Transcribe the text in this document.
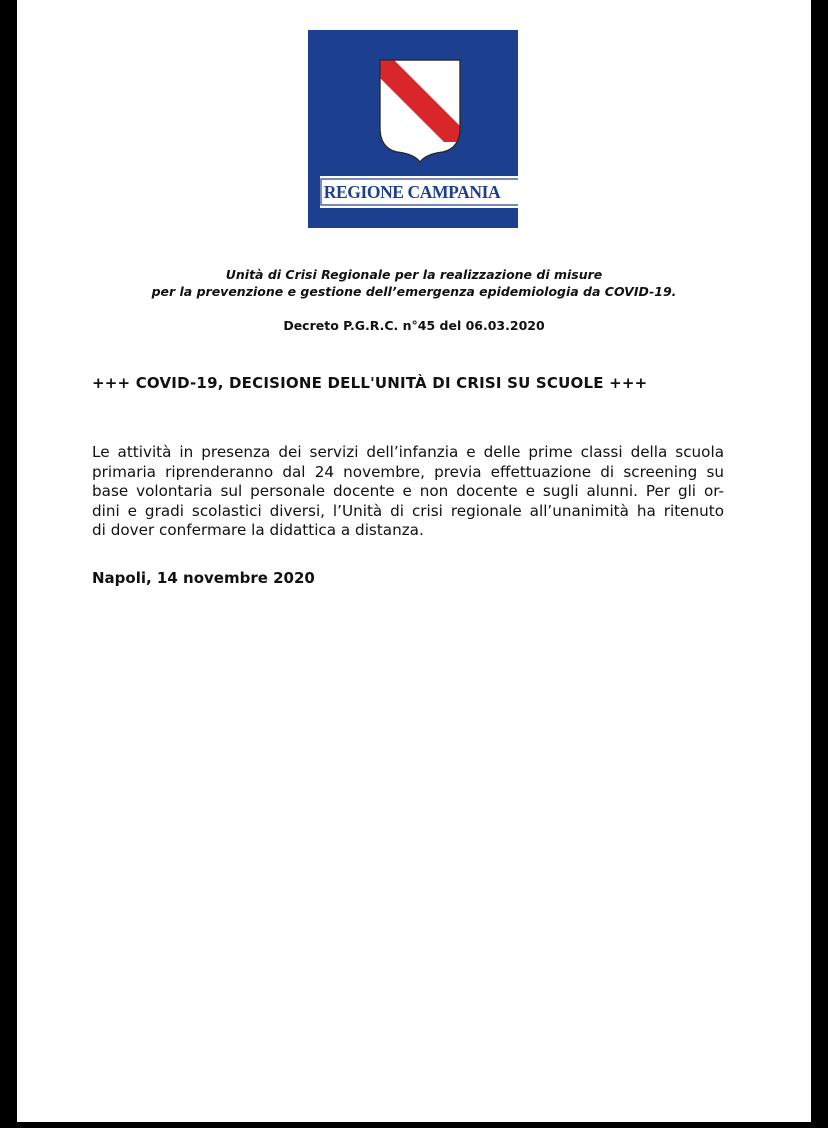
REGIONE CAMPANIA
Unità di Crisi Regionale per la realizzazione di misure
per la prevenzione e gestione dell’emergenza epidemiologia da COVID-19.
Decreto P.G.R.C. n°45 del 06.03.2020
+++ COVID-19, DECISIONE DELL'UNITÀ DI CRISI SU SCUOLE +++
Le attività in presenza dei servizi dell’infanzia e delle prime classi della scuola
primaria riprenderanno dal 24 novembre, previa effettuazione di screening su
base volontaria sul personale docente e non docente e sugli alunni. Per gli or-
dini e gradi scolastici diversi, l’Unità di crisi regionale all’unanimità ha ritenuto
di dover confermare la didattica a distanza.
Napoli, 14 novembre 2020
